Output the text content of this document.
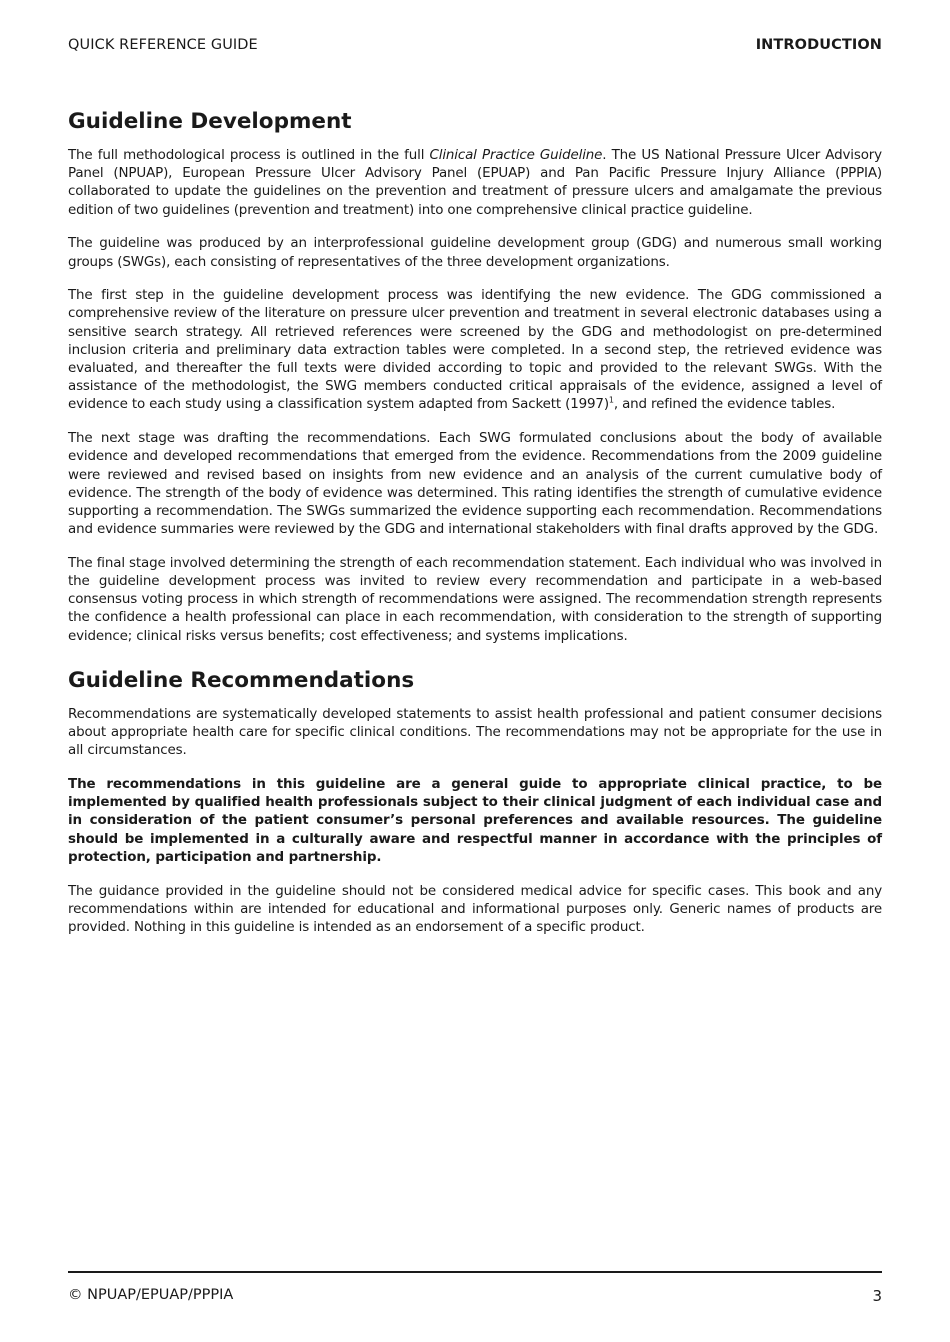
QUICK REFERENCE GUIDE	INTRODUCTION
Guideline Development

The full methodological process is outlined in the full Clinical Practice Guideline. The US National Pressure Ulcer Advisory Panel (NPUAP), European Pressure Ulcer Advisory Panel (EPUAP) and Pan Pacific Pressure Injury Alliance (PPPIA) collaborated to update the guidelines on the prevention and treatment of pressure ulcers and amalgamate the previous edition of two guidelines (prevention and treatment) into one comprehensive clinical practice guideline.

The guideline was produced by an interprofessional guideline development group (GDG) and numerous small working groups (SWGs), each consisting of representatives of the three development organizations.

The first step in the guideline development process was identifying the new evidence. The GDG commissioned a comprehensive review of the literature on pressure ulcer prevention and treatment in several electronic databases using a sensitive search strategy. All retrieved references were screened by the GDG and methodologist on pre-determined inclusion criteria and preliminary data extraction tables were completed. In a second step, the retrieved evidence was evaluated, and thereafter the full texts were divided according to topic and provided to the relevant SWGs. With the assistance of the methodologist, the SWG members conducted critical appraisals of the evidence, assigned a level of evidence to each study using a classification system adapted from Sackett $(1997)^1$, and refined the evidence tables.

The next stage was drafting the recommendations. Each SWG formulated conclusions about the body of available evidence and developed recommendations that emerged from the evidence. Recommendations from the 2009 guideline were reviewed and revised based on insights from new evidence and an analysis of the current cumulative body of evidence. The strength of the body of evidence was determined. This rating identifies the strength of cumulative evidence supporting a recommendation. The SWGs summarized the evidence supporting each recommendation. Recommendations and evidence summaries were reviewed by the GDG and international stakeholders with final drafts approved by the GDG.

The final stage involved determining the strength of each recommendation statement. Each individual who was involved in the guideline development process was invited to review every recommendation and participate in a web-based consensus voting process in which strength of recommendations were assigned. The recommendation strength represents the confidence a health professional can place in each recommendation, with consideration to the strength of supporting evidence; clinical risks versus benefits; cost effectiveness; and systems implications.

Guideline Recommendations

Recommendations are systematically developed statements to assist health professional and patient consumer decisions about appropriate health care for specific clinical conditions. The recommendations may not be appropriate for the use in all circumstances.

The recommendations in this guideline are a general guide to appropriate clinical practice, to be implemented by qualified health professionals subject to their clinical judgment of each individual case and in consideration of the patient consumer’s personal preferences and available resources. The guideline should be implemented in a culturally aware and respectful manner in accordance with the principles of protection, participation and partnership.

The guidance provided in the guideline should not be considered medical advice for specific cases. This book and any recommendations within are intended for educational and informational purposes only. Generic names of products are provided. Nothing in this guideline is intended as an endorsement of a specific product.

© NPUAP/EPUAP/PPPIA	3
